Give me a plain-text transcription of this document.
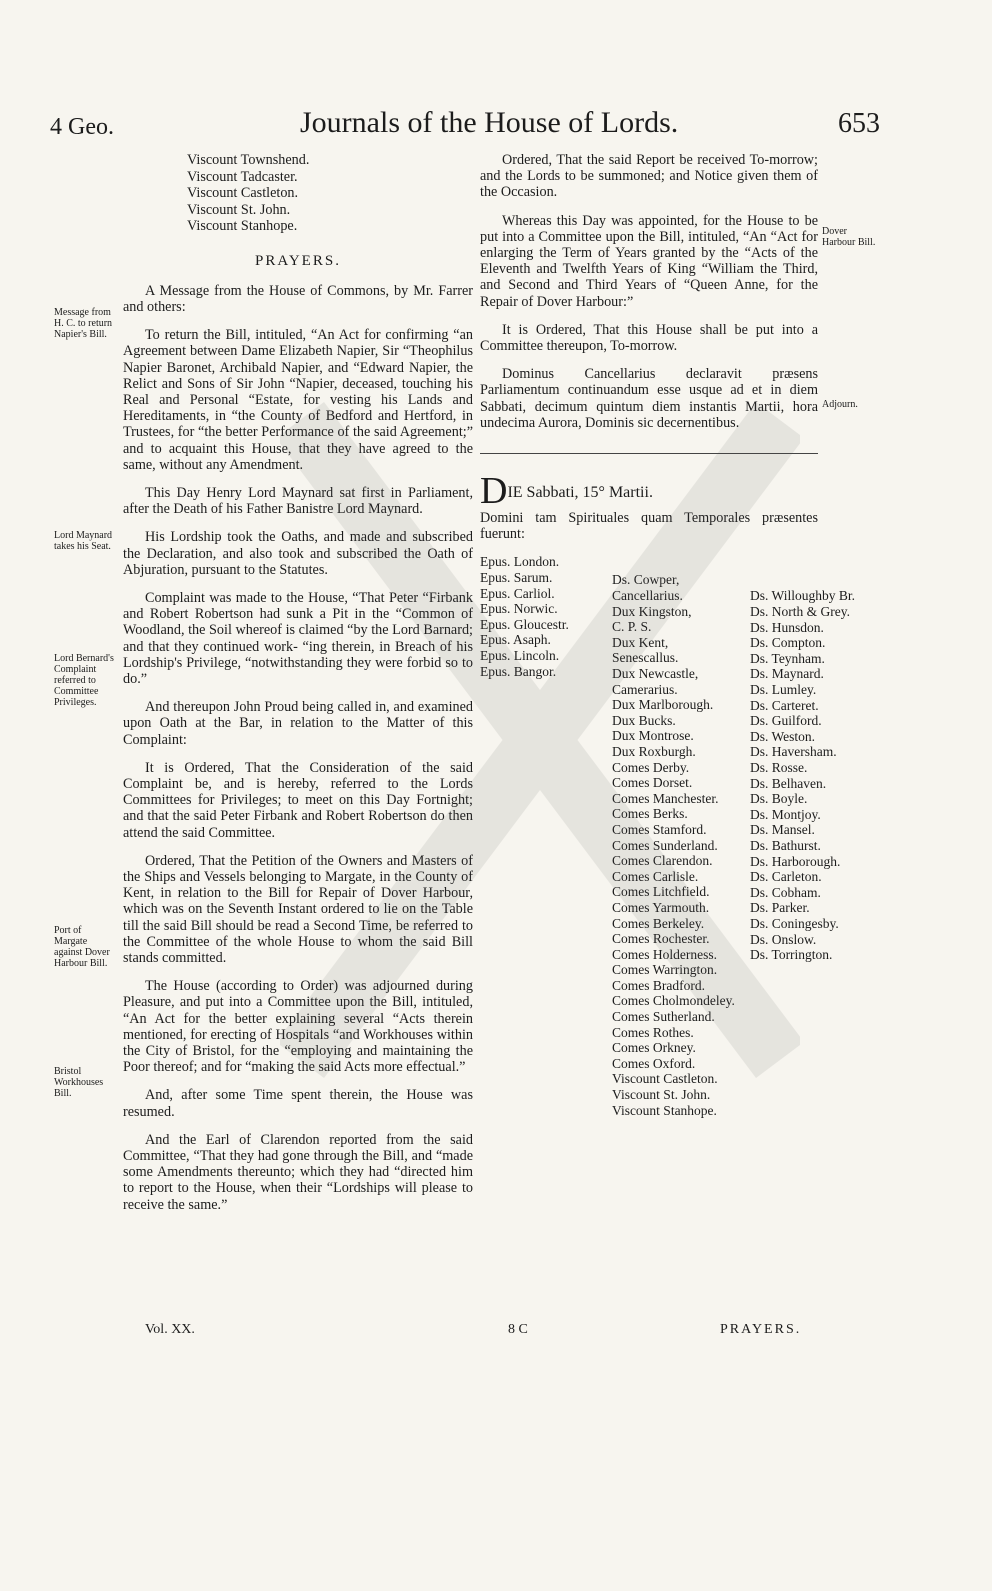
4 Geo.	Journals of the House of Lords.	653
Message from H. C. to return Napier's Bill.
Lord Maynard takes his Seat.
Lord Bernard's Complaint referred to Committee Privileges.
Port of Margate against Dover Harbour Bill.
Bristol Workhouses Bill.
Dover Harbour Bill.
Adjourn.
Viscount Townshend.
Viscount Tadcaster.
Viscount Castleton.
Viscount St. John.
Viscount Stanhope.
PRAYERS.

A Message from the House of Commons, by Mr. Farrer and others:

To return the Bill, intituled, “An Act for confirming “an Agreement between Dame Elizabeth Napier, Sir “Theophilus Napier Baronet, Archibald Napier, and “Edward Napier, the Relict and Sons of Sir John “Napier, deceased, touching his Real and Personal “Estate, for vesting his Lands and Hereditaments, in “the County of Bedford and Hertford, in Trustees, for “the better Performance of the said Agreement;” and to acquaint this House, that they have agreed to the same, without any Amendment.

This Day Henry Lord Maynard sat first in Parliament, after the Death of his Father Banistre Lord Maynard.

His Lordship took the Oaths, and made and subscribed the Declaration, and also took and subscribed the Oath of Abjuration, pursuant to the Statutes.

Complaint was made to the House, “That Peter “Firbank and Robert Robertson had sunk a Pit in the “Common of Woodland, the Soil whereof is claimed “by the Lord Barnard; and that they continued work- “ing therein, in Breach of his Lordship's Privilege, “notwithstanding they were forbid so to do.”

And thereupon John Proud being called in, and examined upon Oath at the Bar, in relation to the Matter of this Complaint:

It is Ordered, That the Consideration of the said Complaint be, and is hereby, referred to the Lords Committees for Privileges; to meet on this Day Fortnight; and that the said Peter Firbank and Robert Robertson do then attend the said Committee.

Ordered, That the Petition of the Owners and Masters of the Ships and Vessels belonging to Margate, in the County of Kent, in relation to the Bill for Repair of Dover Harbour, which was on the Seventh Instant ordered to lie on the Table till the said Bill should be read a Second Time, be referred to the Committee of the whole House to whom the said Bill stands committed.

The House (according to Order) was adjourned during Pleasure, and put into a Committee upon the Bill, intituled, “An Act for the better explaining several “Acts therein mentioned, for erecting of Hospitals “and Workhouses within the City of Bristol, for the “employing and maintaining the Poor thereof; and for “making the said Acts more effectual.”

And, after some Time spent therein, the House was resumed.

And the Earl of Clarendon reported from the said Committee, “That they had gone through the Bill, and “made some Amendments thereunto; which they had “directed him to report to the House, when their “Lordships will please to receive the same.”

Ordered, That the said Report be received To-morrow; and the Lords to be summoned; and Notice given them of the Occasion.

Whereas this Day was appointed, for the House to be put into a Committee upon the Bill, intituled, “An “Act for enlarging the Term of Years granted by the “Acts of the Eleventh and Twelfth Years of King “William the Third, and Second and Third Years of “Queen Anne, for the Repair of Dover Harbour:”

It is Ordered, That this House shall be put into a Committee thereupon, To-morrow.

Dominus Cancellarius declaravit præsens Parliamentum continuandum esse usque ad et in diem Sabbati, decimum quintum diem instantis Martii, hora undecima Aurora, Dominis sic decernentibus.

DIE Sabbati, 15° Martii.

Domini tam Spirituales quam Temporales præsentes fuerunt:

Epus. London.
Epus. Sarum.
Epus. Carliol.
Epus. Norwic.
Epus. Gloucestr.
Epus. Asaph.
Epus. Lincoln.
Epus. Bangor.
Ds. Cowper,
Cancellarius.
Dux Kingston,
C. P. S.
Dux Kent,
Senescallus.
Dux Newcastle,
Camerarius.
Dux Marlborough.
Dux Bucks.
Dux Montrose.
Dux Roxburgh.
Comes Derby.
Comes Dorset.
Comes Manchester.
Comes Berks.
Comes Stamford.
Comes Sunderland.
Comes Clarendon.
Comes Carlisle.
Comes Litchfield.
Comes Yarmouth.
Comes Berkeley.
Comes Rochester.
Comes Holderness.
Comes Warrington.
Comes Bradford.
Comes Cholmondeley.
Comes Sutherland.
Comes Rothes.
Comes Orkney.
Comes Oxford.
Viscount Castleton.
Viscount St. John.
Viscount Stanhope.
Ds. Willoughby Br.
Ds. North & Grey.
Ds. Hunsdon.
Ds. Compton.
Ds. Teynham.
Ds. Maynard.
Ds. Lumley.
Ds. Carteret.
Ds. Guilford.
Ds. Weston.
Ds. Haversham.
Ds. Rosse.
Ds. Belhaven.
Ds. Boyle.
Ds. Montjoy.
Ds. Mansel.
Ds. Bathurst.
Ds. Harborough.
Ds. Carleton.
Ds. Cobham.
Ds. Parker.
Ds. Coningesby.
Ds. Onslow.
Ds. Torrington.
Vol. XX.	8 C	PRAYERS.
